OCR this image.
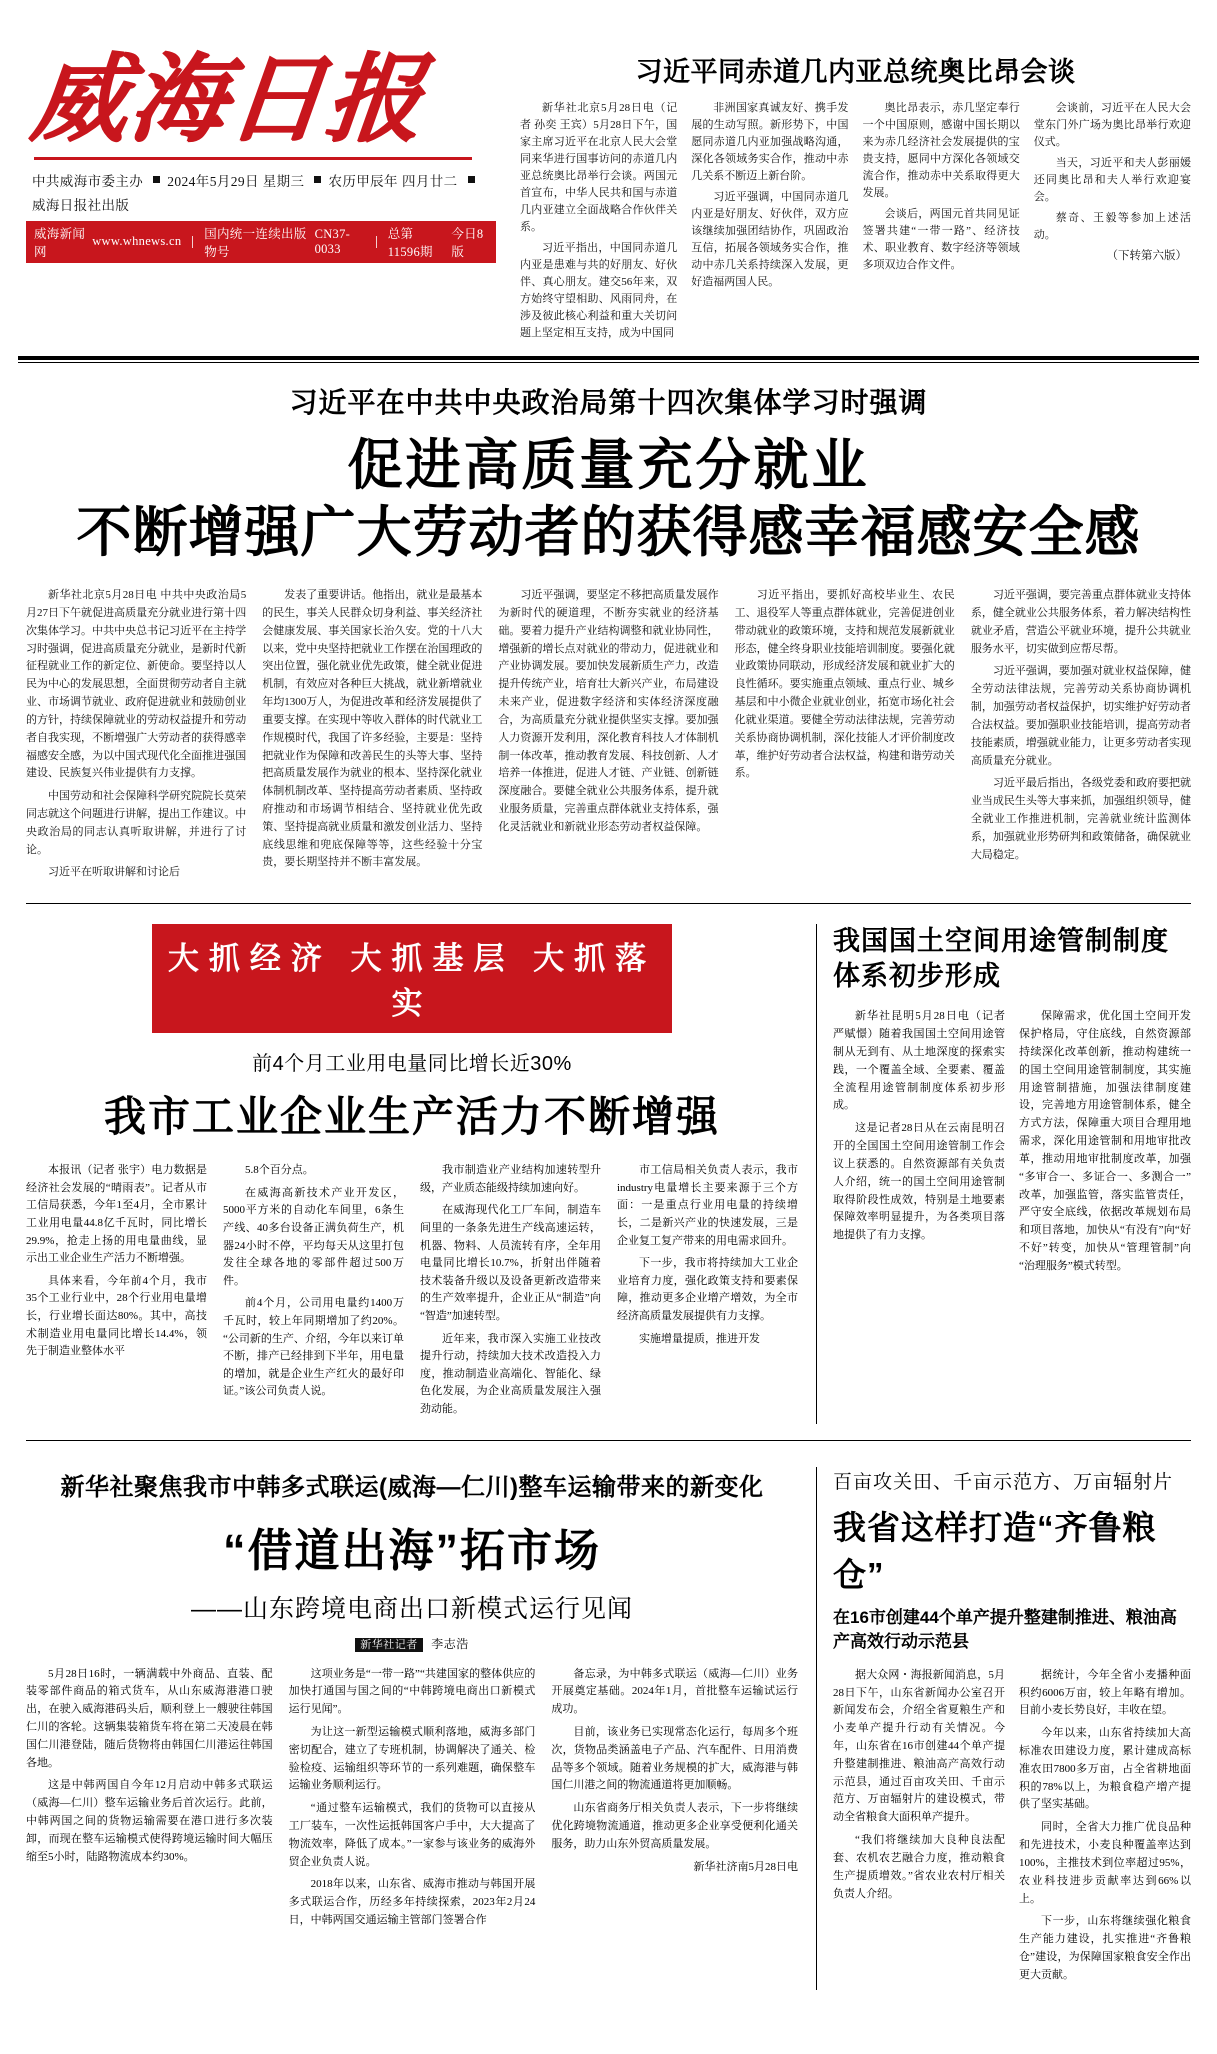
威海日报
中共威海市委主办 2024年5月29日 星期三 农历甲辰年 四月廿二
威海日报社出版
威海新闻网
www.whnews.cn
国内统一连续出版物号
CN37-0033
总第11596期
今日8版
习近平同赤道几内亚总统奥比昂会谈

新华社北京5月28日电（记者 孙奕 王宾）5月28日下午，国家主席习近平在北京人民大会堂同来华进行国事访问的赤道几内亚总统奥比昂举行会谈。两国元首宣布，中华人民共和国与赤道几内亚建立全面战略合作伙伴关系。

习近平指出，中国同赤道几内亚是患难与共的好朋友、好伙伴、真心朋友。建交56年来，双方始终守望相助、风雨同舟，在涉及彼此核心利益和重大关切问题上坚定相互支持，成为中国同

非洲国家真诚友好、携手发展的生动写照。新形势下，中国愿同赤道几内亚加强战略沟通，深化各领域务实合作，推动中赤几关系不断迈上新台阶。

习近平强调，中国同赤道几内亚是好朋友、好伙伴，双方应该继续加强团结协作，巩固政治互信，拓展各领域务实合作，推动中赤几关系持续深入发展，更好造福两国人民。

奥比昂表示，赤几坚定奉行一个中国原则，感谢中国长期以来为赤几经济社会发展提供的宝贵支持，愿同中方深化各领域交流合作，推动赤中关系取得更大发展。

会谈后，两国元首共同见证签署共建“一带一路”、经济技术、职业教育、数字经济等领域多项双边合作文件。

会谈前，习近平在人民大会堂东门外广场为奥比昂举行欢迎仪式。

当天，习近平和夫人彭丽媛还同奥比昂和夫人举行欢迎宴会。

蔡奇、王毅等参加上述活动。

（下转第六版）
习近平在中共中央政治局第十四次集体学习时强调
促进高质量充分就业
不断增强广大劳动者的获得感幸福感安全感

新华社北京5月28日电 中共中央政治局5月27日下午就促进高质量充分就业进行第十四次集体学习。中共中央总书记习近平在主持学习时强调，促进高质量充分就业，是新时代新征程就业工作的新定位、新使命。要坚持以人民为中心的发展思想，全面贯彻劳动者自主就业、市场调节就业、政府促进就业和鼓励创业的方针，持续保障就业的劳动权益提升和劳动者自我实现，不断增强广大劳动者的获得感幸福感安全感，为以中国式现代化全面推进强国建设、民族复兴伟业提供有力支撑。

中国劳动和社会保障科学研究院院长莫荣同志就这个问题进行讲解，提出工作建议。中央政治局的同志认真听取讲解，并进行了讨论。

习近平在听取讲解和讨论后

发表了重要讲话。他指出，就业是最基本的民生，事关人民群众切身利益、事关经济社会健康发展、事关国家长治久安。党的十八大以来，党中央坚持把就业工作摆在治国理政的突出位置，强化就业优先政策，健全就业促进机制，有效应对各种巨大挑战，就业新增就业年均1300万人，为促进改革和经济发展提供了重要支撑。在实现中等收入群体的时代就业工作规模时代，我国了许多经验，主要是：坚持把就业作为保障和改善民生的头等大事、坚持把高质量发展作为就业的根本、坚持深化就业体制机制改革、坚持提高劳动者素质、坚持政府推动和市场调节相结合、坚持就业优先政策、坚持提高就业质量和激发创业活力、坚持底线思维和兜底保障等等，这些经验十分宝贵，要长期坚持并不断丰富发展。

习近平强调，要坚定不移把高质量发展作为新时代的硬道理，不断夯实就业的经济基础。要着力提升产业结构调整和就业协同性，增强新的增长点对就业的带动力，促进就业和产业协调发展。要加快发展新质生产力，改造提升传统产业，培育壮大新兴产业，布局建设未来产业，促进数字经济和实体经济深度融合，为高质量充分就业提供坚实支撑。要加强人力资源开发利用，深化教育科技人才体制机制一体改革，推动教育发展、科技创新、人才培养一体推进，促进人才链、产业链、创新链深度融合。要健全就业公共服务体系，提升就业服务质量，完善重点群体就业支持体系，强化灵活就业和新就业形态劳动者权益保障。

习近平指出，要抓好高校毕业生、农民工、退役军人等重点群体就业，完善促进创业带动就业的政策环境，支持和规范发展新就业形态，健全终身职业技能培训制度。要强化就业政策协同联动，形成经济发展和就业扩大的良性循环。要实施重点领域、重点行业、城乡基层和中小微企业就业创业，拓宽市场化社会化就业渠道。要健全劳动法律法规，完善劳动关系协商协调机制，深化技能人才评价制度改革，维护好劳动者合法权益，构建和谐劳动关系。

习近平强调，要完善重点群体就业支持体系，健全就业公共服务体系，着力解决结构性就业矛盾，营造公平就业环境，提升公共就业服务水平，切实做到应帮尽帮。

习近平强调，要加强对就业权益保障，健全劳动法律法规，完善劳动关系协商协调机制，加强劳动者权益保护，切实维护好劳动者合法权益。要加强职业技能培训，提高劳动者技能素质，增强就业能力，让更多劳动者实现高质量充分就业。

习近平最后指出，各级党委和政府要把就业当成民生头等大事来抓，加强组织领导，健全就业工作推进机制，完善就业统计监测体系，加强就业形势研判和政策储备，确保就业大局稳定。

大抓经济 大抓基层 大抓落实
前4个月工业用电量同比增长近30%
我市工业企业生产活力不断增强

本报讯（记者 张宇）电力数据是经济社会发展的“晴雨表”。记者从市工信局获悉，今年1至4月，全市累计工业用电量44.8亿千瓦时，同比增长29.9%，抢走上扬的用电量曲线，显示出工业企业生产活力不断增强。

具体来看，今年前4个月，我市35个工业行业中，28个行业用电量增长，行业增长面达80%。其中，高技术制造业用电量同比增长14.4%，领先于制造业整体水平

5.8个百分点。

在威海高新技术产业开发区，5000平方米的自动化车间里，6条生产线、40多台设备正满负荷生产，机器24小时不停，平均每天从这里打包发往全球各地的零部件超过500万件。

前4个月，公司用电量约1400万千瓦时，较上年同期增加了约20%。“公司新的生产、介绍，今年以来订单不断，排产已经排到下半年，用电量的增加，就是企业生产红火的最好印证。”该公司负责人说。

我市制造业产业结构加速转型升级，产业质态能级持续加速向好。

在威海现代化工厂车间，制造车间里的一条条先进生产线高速运转，机器、物料、人员流转有序，全年用电量同比增长10.7%，折射出伴随着技术装备升级以及设备更新改造带来的生产效率提升，企业正从“制造”向“智造”加速转型。

近年来，我市深入实施工业技改提升行动，持续加大技术改造投入力度，推动制造业高端化、智能化、绿色化发展，为企业高质量发展注入强劲动能。

市工信局相关负责人表示，我市industry电量增长主要来源于三个方面：一是重点行业用电量的持续增长，二是新兴产业的快速发展，三是企业复工复产带来的用电需求回升。

下一步，我市将持续加大工业企业培育力度，强化政策支持和要素保障，推动更多企业增产增效，为全市经济高质量发展提供有力支撑。

实施增量提质，推进开发

我国国土空间用途管制制度体系初步形成

新华社昆明5月28日电（记者 严赋憬）随着我国国土空间用途管制从无到有、从土地深度的探索实践，一个覆盖全域、全要素、覆盖全流程用途管制制度体系初步形成。

这是记者28日从在云南昆明召开的全国国土空间用途管制工作会议上获悉的。自然资源部有关负责人介绍，统一的国土空间用途管制取得阶段性成效，特别是土地要素保障效率明显提升，为各类项目落地提供了有力支撑。

保障需求，优化国土空间开发保护格局，守住底线，自然资源部持续深化改革创新，推动构建统一的国土空间用途管制制度，其实施用途管制措施，加强法律制度建设，完善地方用途管制体系，健全方式方法，保障重大项目合理用地需求，深化用途管制和用地审批改革，推动用地审批制度改革，加强“多审合一、多证合一、多测合一”改革，加强监管，落实监管责任，严守安全底线，依据改革规划布局和项目落地，加快从“有没有”向“好不好”转变，加快从“管理管制”向“治理服务”模式转型。

新华社聚焦我市中韩多式联运(威海—仁川)整车运输带来的新变化
“借道出海”拓市场
——山东跨境电商出口新模式运行见闻
新华社记者 李志浩

5月28日16时，一辆满载中外商品、直装、配装零部件商品的箱式货车，从山东威海港港口驶出，在驶入威海港码头后，顺利登上一艘驶往韩国仁川的客轮。这辆集装箱货车将在第二天凌晨在韩国仁川港登陆，随后货物将由韩国仁川港运往韩国各地。

这是中韩两国自今年12月启动中韩多式联运（威海—仁川）整车运输业务后首次运行。此前，中韩两国之间的货物运输需要在港口进行多次装卸，而现在整车运输模式使得跨境运输时间大幅压缩至5小时，陆路物流成本约30%。

这项业务是“一带一路”“共建国家的整体供应的加快打通国与国之间的“中韩跨境电商出口新模式运行见闻”。

为让这一新型运输模式顺利落地，威海多部门密切配合，建立了专班机制，协调解决了通关、检验检疫、运输组织等环节的一系列难题，确保整车运输业务顺利运行。

“通过整车运输模式，我们的货物可以直接从工厂装车，一次性运抵韩国客户手中，大大提高了物流效率，降低了成本。”一家参与该业务的威海外贸企业负责人说。

2018年以来，山东省、威海市推动与韩国开展多式联运合作，历经多年持续探索，2023年2月24日，中韩两国交通运输主管部门签署合作

备忘录，为中韩多式联运（威海—仁川）业务开展奠定基础。2024年1月，首批整车运输试运行成功。

目前，该业务已实现常态化运行，每周多个班次，货物品类涵盖电子产品、汽车配件、日用消费品等多个领域。随着业务规模的扩大，威海港与韩国仁川港之间的物流通道将更加顺畅。

山东省商务厅相关负责人表示，下一步将继续优化跨境物流通道，推动更多企业享受便利化通关服务，助力山东外贸高质量发展。

新华社济南5月28日电
百亩攻关田、千亩示范方、万亩辐射片
我省这样打造“齐鲁粮仓”
在16市创建44个单产提升整建制推进、粮油高产高效行动示范县

据大众网・海报新闻消息，5月28日下午，山东省新闻办公室召开新闻发布会，介绍全省夏粮生产和小麦单产提升行动有关情况。今年，山东省在16市创建44个单产提升整建制推进、粮油高产高效行动示范县，通过百亩攻关田、千亩示范方、万亩辐射片的建设模式，带动全省粮食大面积单产提升。

“我们将继续加大良种良法配套、农机农艺融合力度，推动粮食生产提质增效。”省农业农村厅相关负责人介绍。

据统计，今年全省小麦播种面积约6006万亩，较上年略有增加。目前小麦长势良好，丰收在望。

今年以来，山东省持续加大高标准农田建设力度，累计建成高标准农田7800多万亩，占全省耕地面积的78%以上，为粮食稳产增产提供了坚实基础。

同时，全省大力推广优良品种和先进技术，小麦良种覆盖率达到100%，主推技术到位率超过95%，农业科技进步贡献率达到66%以上。

下一步，山东将继续强化粮食生产能力建设，扎实推进“齐鲁粮仓”建设，为保障国家粮食安全作出更大贡献。
